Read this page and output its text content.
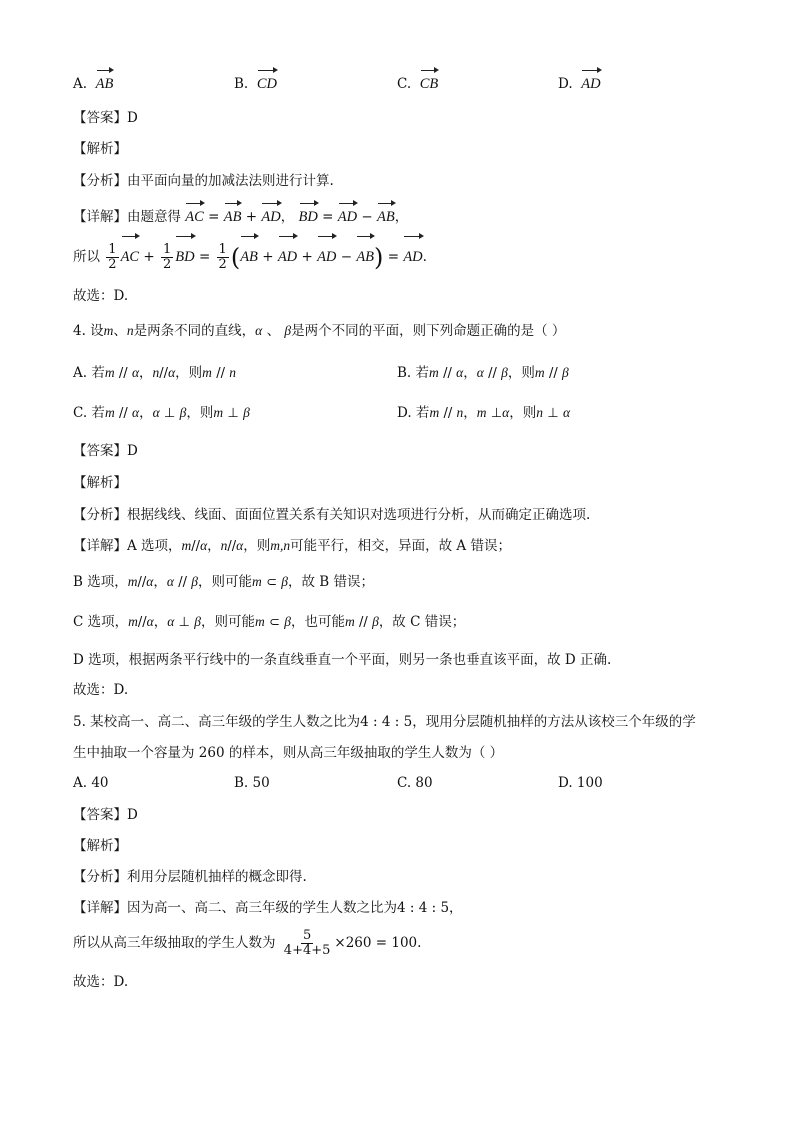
A. AB	B. CD	C. CB	D. AD
【答案】D
【解析】
【分析】由平面向量的加减法法则进行计算.
【详解】由题意得 AC = AB + AD， BD = AD − AB，
所以 $\frac{1}{2}$ AC + $\frac{1}{2}$ BD = $\frac{1}{2}$ (
AB + AD + AD − AB) = AD.
故选：D.
4. 设m、n是两条不同的直线，α 、 β是两个不同的平面，则下列命题正确的是（ ）
A. 若m // α，n//α，则m // n	B. 若m // α，α // β，则m // β
C. 若m // α，α ⊥ β，则m ⊥ β	D. 若m // n，m ⊥α，则n ⊥ α
【答案】D
【解析】
【分析】根据线线、线面、面面位置关系有关知识对选项进行分析，从而确定正确选项.
【详解】A 选项，m//α，n//α，则m,n可能平行，相交，异面，故 A 错误；
B 选项，m//α，α // β，则可能m ⊂ β，故 B 错误；
C 选项，m//α，α ⊥ β，则可能m ⊂ β，也可能m // β，故 C 错误；
D 选项，根据两条平行线中的一条直线垂直一个平面，则另一条也垂直该平面，故 D 正确.
故选：D.
5. 某校高一、高二、高三年级的学生人数之比为4 : 4 : 5，现用分层随机抽样的方法从该校三个年级的学
生中抽取一个容量为 260 的样本，则从高三年级抽取的学生人数为（ ）
A. 40	B. 50	C. 80	D. 100
【答案】D
【解析】
【分析】利用分层随机抽样的概念即得.
【详解】因为高一、高二、高三年级的学生人数之比为4 : 4 : 5，
所以从高三年级抽取的学生人数为 $\frac{5}{4+4+5} \times 260 = 100$.
故选：D.
